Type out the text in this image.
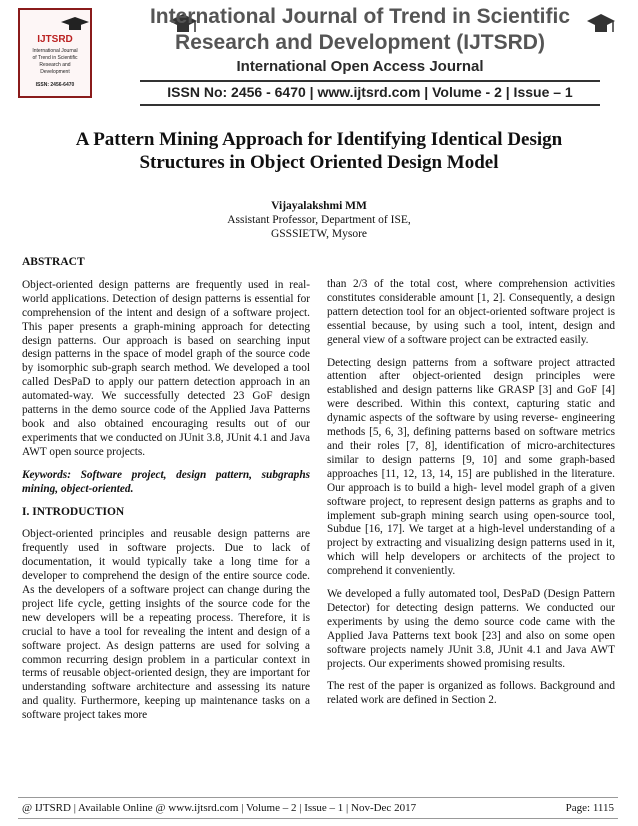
IJTSRD
International Journal
of Trend in Scientific
Research and
Development
ISSN: 2456-6470
International Journal of Trend in Scientific
Research and Development (IJTSRD)
International Open Access Journal
ISSN No: 2456 - 6470 | www.ijtsrd.com | Volume - 2 | Issue – 1
A Pattern Mining Approach for Identifying Identical Design
Structures in Object Oriented Design Model
Vijayalakshmi MM
Assistant Professor, Department of ISE,
GSSSIETW, Mysore
ABSTRACT

Object-oriented design patterns are frequently used in real-world applications. Detection of design patterns is essential for comprehension of the intent and design of a software project. This paper presents a graph-mining approach for detecting design patterns. Our approach is based on searching input design patterns in the space of model graph of the source code by isomorphic sub-graph search method. We developed a tool called DesPaD to apply our pattern detection approach in an automated-way. We successfully detected 23 GoF design patterns in the demo source code of the Applied Java Patterns book and also obtained encouraging results out of our experiments that we conducted on JUnit 3.8, JUnit 4.1 and Java AWT open source projects.

Keywords: Software project, design pattern, subgraphs mining, object-oriented.

I. INTRODUCTION

Object-oriented principles and reusable design patterns are frequently used in software projects. Due to lack of documentation, it would typically take a long time for a developer to comprehend the design of the entire source code. As the developers of a software project can change during the project life cycle, getting insights of the source code for the new developers will be a repeating process. Therefore, it is crucial to have a tool for revealing the intent and design of a software project. As design patterns are used for solving a common recurring design problem in a particular context in terms of reusable object-oriented design, they are important for understanding software architecture and assessing its nature and quality. Furthermore, keeping up maintenance tasks on a software project takes more

than 2/3 of the total cost, where comprehension activities constitutes considerable amount [1, 2]. Consequently, a design pattern detection tool for an object-oriented software project is essential because, by using such a tool, intent, design and general view of a software project can be extracted easily.

Detecting design patterns from a software project attracted attention after object-oriented design principles were established and design patterns like GRASP [3] and GoF [4] were described. Within this context, capturing static and dynamic aspects of the software by using reverse- engineering methods [5, 6, 3], defining patterns based on software metrics and their roles [7, 8], identification of micro-architectures similar to design patterns [9, 10] and some graph-based approaches [11, 12, 13, 14, 15] are published in the literature. Our approach is to build a high- level model graph of a given software project, to represent design patterns as graphs and to implement sub-graph mining search using open-source tool, Subdue [16, 17]. We target at a high-level understanding of a project by extracting and visualizing design patterns used in it, which will help developers or architects of the project to comprehend it conveniently.

We developed a fully automated tool, DesPaD (Design Pattern Detector) for detecting design patterns. We conducted our experiments by using the demo source code came with the Applied Java Patterns text book [23] and also on some open software projects namely JUnit 3.8, JUnit 4.1 and Java AWT projects. Our experiments showed promising results.

The rest of the paper is organized as follows. Background and related work are defined in Section 2.

@ IJTSRD | Available Online @ www.ijtsrd.com | Volume – 2 | Issue – 1 | Nov-Dec 2017	Page: 1115
